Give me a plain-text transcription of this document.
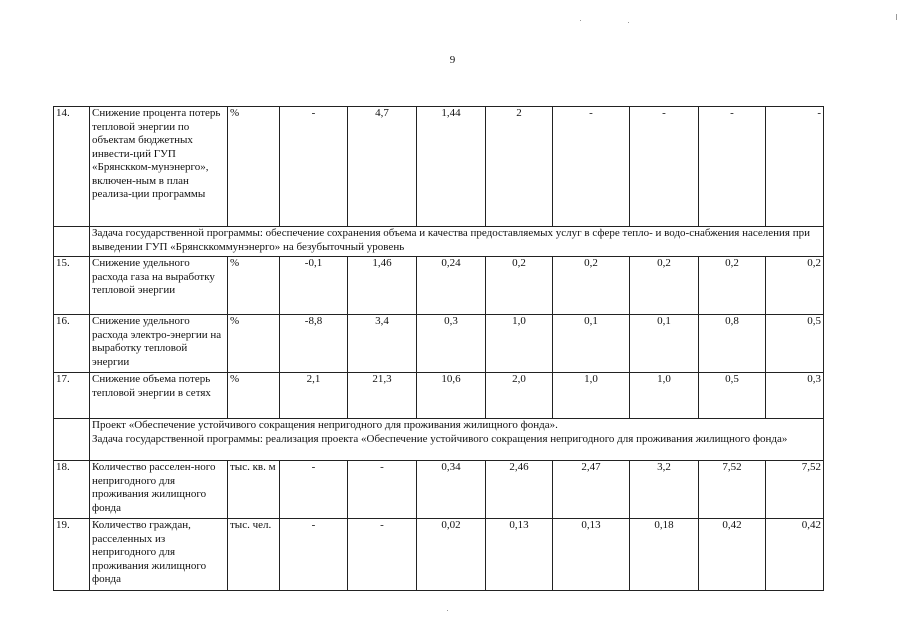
9
14.	Снижение процента потерь тепловой энергии по объектам бюджетных инвести-ций ГУП «Брянскком-мунэнерго», включен-ным в план реализа-ции программы	%	-	4,7	1,44	2	-	-	-	-

	Задача государственной программы: обеспечение сохранения объема и качества предоставляемых услуг в сфере тепло- и водо-снабжения населения при выведении ГУП «Брянсккоммунэнерго» на безубыточный уровень									

15.	Снижение удельного расхода газа на выработку тепловой энергии	%	-0,1	1,46	0,24	0,2	0,2	0,2	0,2	0,2
16.	Снижение удельного расхода электро-энергии на выработку тепловой энергии	%	-8,8	3,4	0,3	1,0	0,1	0,1	0,8	0,5
17.	Снижение объема потерь тепловой энергии в сетях	%	2,1	21,3	10,6	2,0	1,0	1,0	0,5	0,3

	Проект «Обеспечение устойчивого сокращения непригодного для проживания жилищного фонда».
Задача государственной программы: реализация проекта «Обеспечение устойчивого сокращения непригодного для проживания жилищного фонда»									

18.	Количество расселен-ного непригодного для проживания жилищного фонда	тыс. кв. м	-	-	0,34	2,46	2,47	3,2	7,52	7,52
19.	Количество граждан, расселенных из непригодного для проживания жилищного фонда	тыс. чел.	-	-	0,02	0,13	0,13	0,18	0,42	0,42
